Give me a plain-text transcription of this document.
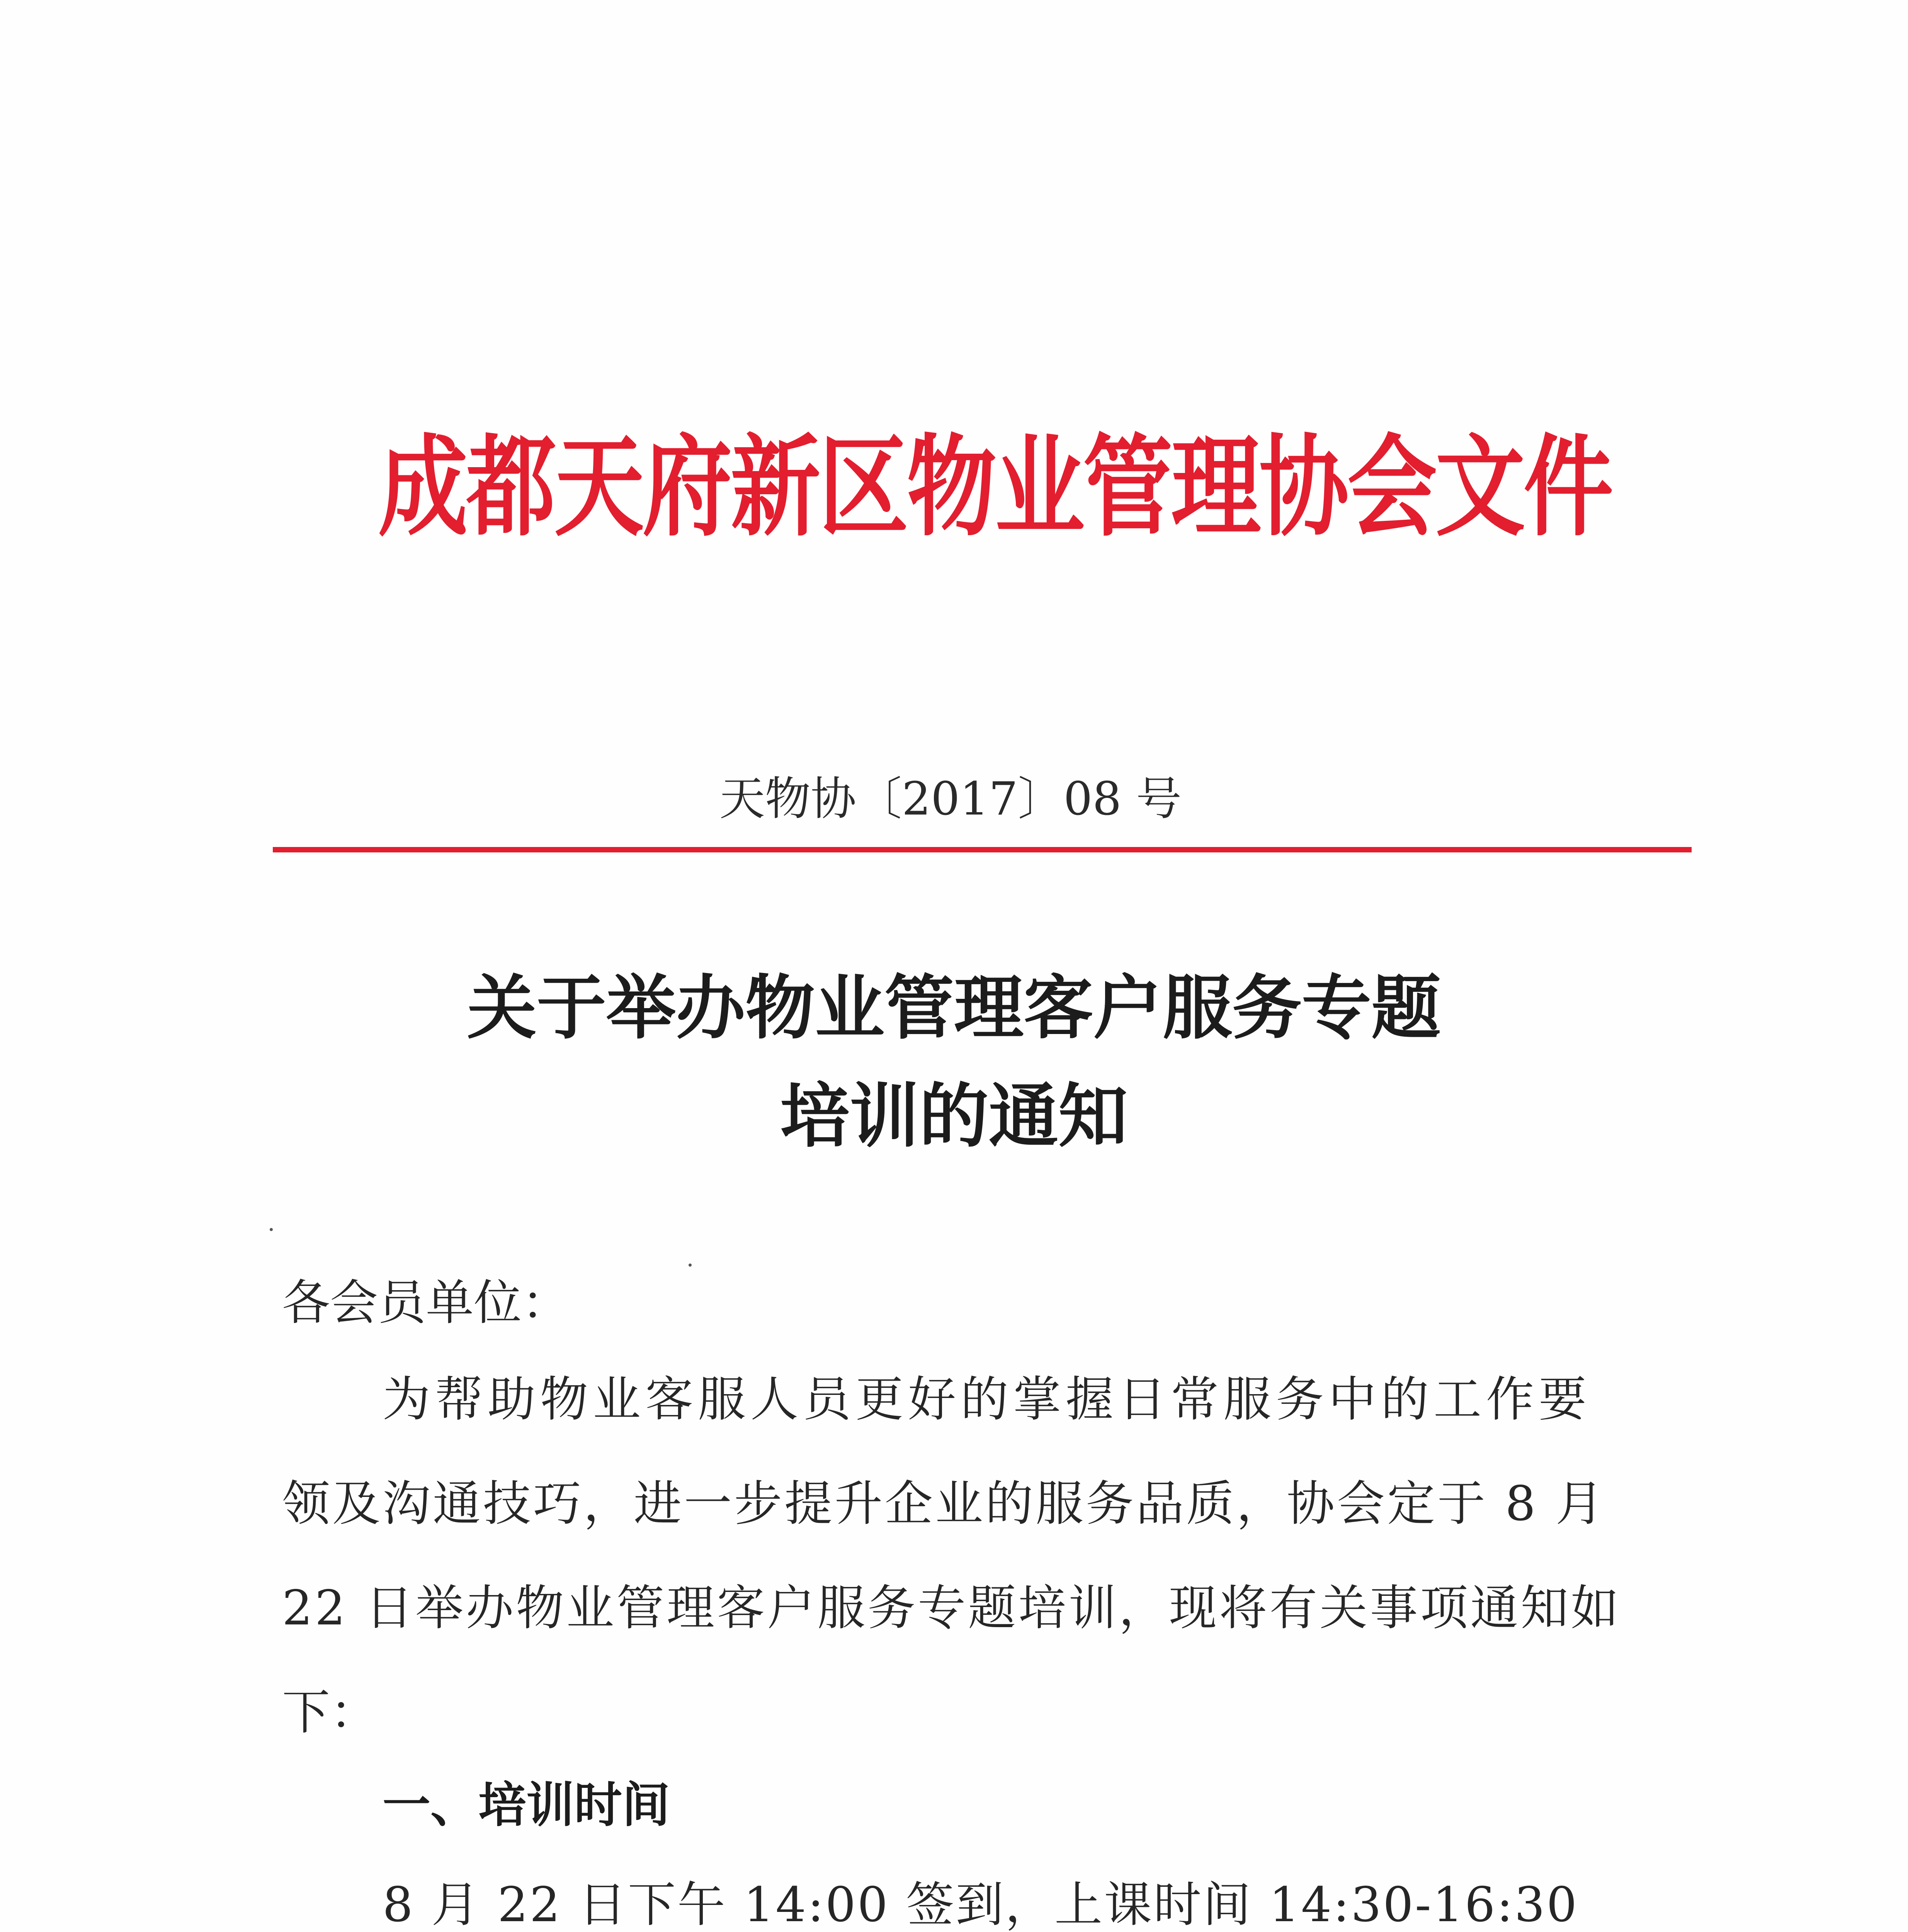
成都天府新区物业管理协会文件
天物协〔2017〕08 号
关于举办物业管理客户服务专题
培训的通知
各会员单位：
为帮助物业客服人员更好的掌握日常服务中的工作要
领及沟通技巧，进一步提升企业的服务品质，协会定于 8 月
22 日举办物业管理客户服务专题培训，现将有关事项通知如
下：
一、培训时间
8 月 22 日下午 14:00 签到，上课时间 14:30-16:30
